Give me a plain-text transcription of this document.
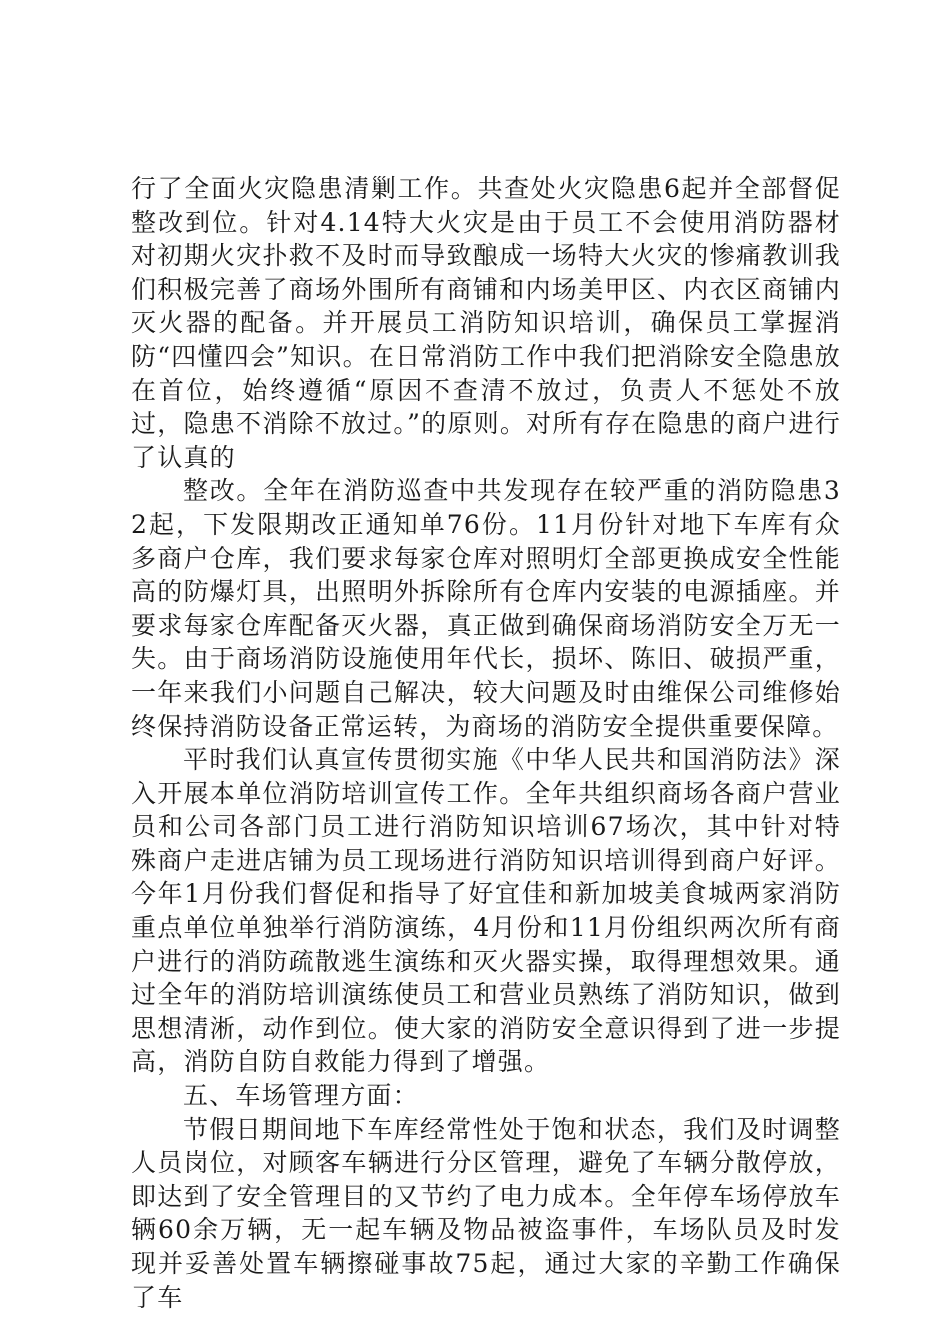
行了全面火灾隐患清剿工作。共查处火灾隐患6起并全部督促整改到位。针对4.14特大火灾是由于员工不会使用消防器材对初期火灾扑救不及时而导致酿成一场特大火灾的惨痛教训我们积极完善了商场外围所有商铺和内场美甲区、内衣区商铺内灭火器的配备。并开展员工消防知识培训，确保员工掌握消防“四懂四会”知识。在日常消防工作中我们把消除安全隐患放在首位，始终遵循“原因不查清不放过，负责人不惩处不放过，隐患不消除不放过。”的原则。对所有存在隐患的商户进行了认真的

整改。全年在消防巡查中共发现存在较严重的消防隐患32起，下发限期改正通知单76份。11月份针对地下车库有众多商户仓库，我们要求每家仓库对照明灯全部更换成安全性能高的防爆灯具，出照明外拆除所有仓库内安装的电源插座。并要求每家仓库配备灭火器，真正做到确保商场消防安全万无一失。由于商场消防设施使用年代长，损坏、陈旧、破损严重，一年来我们小问题自己解决，较大问题及时由维保公司维修始终保持消防设备正常运转，为商场的消防安全提供重要保障。

平时我们认真宣传贯彻实施《中华人民共和国消防法》深入开展本单位消防培训宣传工作。全年共组织商场各商户营业员和公司各部门员工进行消防知识培训67场次，其中针对特殊商户走进店铺为员工现场进行消防知识培训得到商户好评。今年1月份我们督促和指导了好宜佳和新加坡美食城两家消防重点单位单独举行消防演练，4月份和11月份组织两次所有商户进行的消防疏散逃生演练和灭火器实操，取得理想效果。通过全年的消防培训演练使员工和营业员熟练了消防知识，做到思想清淅，动作到位。使大家的消防安全意识得到了进一步提高，消防自防自救能力得到了增强。

五、车场管理方面：

节假日期间地下车库经常性处于饱和状态，我们及时调整人员岗位，对顾客车辆进行分区管理，避免了车辆分散停放，即达到了安全管理目的又节约了电力成本。全年停车场停放车辆60余万辆，无一起车辆及物品被盗事件，车场队员及时发现并妥善处置车辆擦碰事故75起，通过大家的辛勤工作确保了车
